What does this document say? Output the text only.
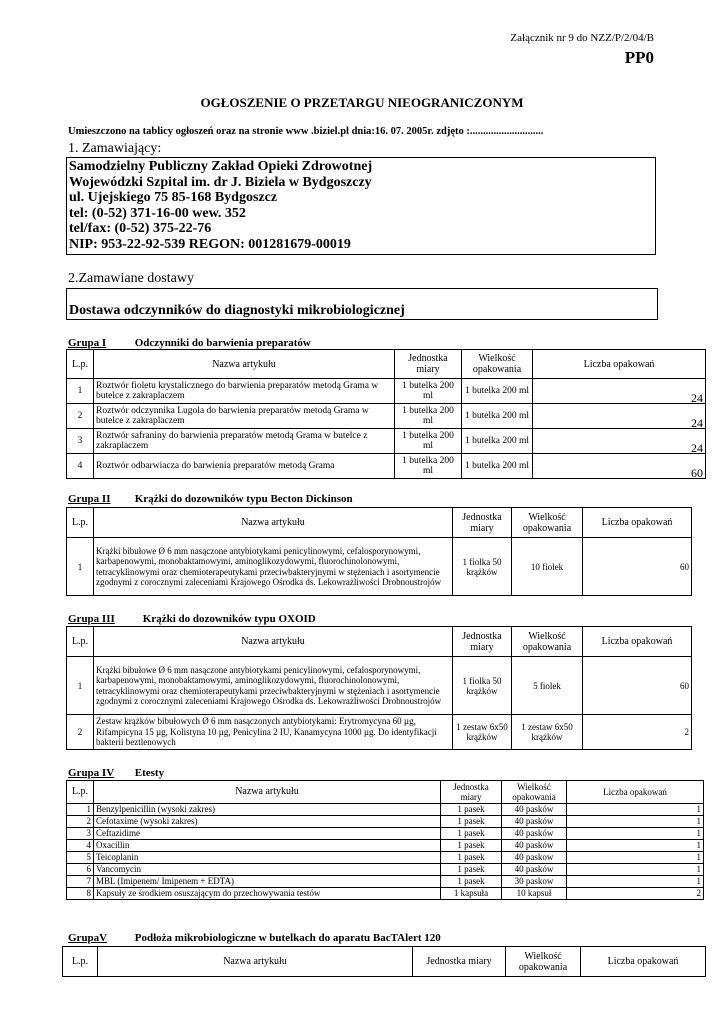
Załącznik nr 9 do NZZ/P/2/04/B
PP0
OGŁOSZENIE O PRZETARGU NIEOGRANICZONYM
Umieszczono na tablicy ogłoszeń oraz na stronie www .biziel.pl dnia:16. 07. 2005r. zdjęto :............................
1. Zamawiający:
Samodzielny Publiczny Zakład Opieki Zdrowotnej
Wojewódzki Szpital im. dr J. Biziela w Bydgoszczy
ul. Ujejskiego 75 85-168 Bydgoszcz
tel: (0-52) 371-16-00 wew. 352
tel/fax: (0-52) 375-22-76
NIP: 953-22-92-539 REGON: 001281679-00019
2.Zamawiane dostawy
Dostawa odczynników do diagnostyki mikrobiologicznej
Grupa I	Odczynniki do barwienia preparatów
L.p.	Nazwa artykułu	Jednostka miary	Wielkość opakowania	Liczba opakowań
1	Roztwór fioletu krystalicznego do barwienia preparatów metodą Grama w butelce z zakraplaczem	1 butelka 200 ml	1 butelka 200 ml	24
2	Roztwór odczynnika Lugola do barwienia preparatów metodą Grama w butelce z zakraplaczem	1 butelka 200 ml	1 butelka 200 ml	24
3	Roztwór safraniny do barwienia preparatów metodą Grama w butelce z zakraplaczem	1 butelka 200 ml	1 butelka 200 ml	24
4	Roztwór odbarwiacza do barwienia preparatów metodą Grama	1 butelka 200 ml	1 butelka 200 ml	60
Grupa II Krążki do dozowników typu Becton Dickinson
L.p.	Nazwa artykułu	Jednostka miary	Wielkość opakowania	Liczba opakowań
1	Krążki bibułowe Ø 6 mm nasączone antybiotykami penicylinowymi, cefalosporynowymi, karbapenowymi, monobaktamowymi, aminoglikozydowymi, fluorochinolonowymi, tetracyklinowymi oraz chemioterapeutykami przeciwbakteryjnymi w stężeniach i asortymencie zgodnymi z corocznymi zaleceniami Krajowego Ośrodka ds. Lekowrażliwości Drobnoustrojów	1 fiolka 50 krążków	10 fiolek	60
Grupa III	Krążki do dozowników typu OXOID
L.p.	Nazwa artykułu	Jednostka miary	Wielkość opakowania	Liczba opakowań
1	Krążki bibułowe Ø 6 mm nasączone antybiotykami penicylinowymi, cefalosporynowymi, karbapenowymi, monobaktamowymi, aminoglikozydowymi, fluorochinolonowymi, tetracyklinowymi oraz chemioterapeutykami przeciwbakteryjnymi w stężeniach i asortymencie zgodnymi z corocznymi zaleceniami Krajowego Ośrodka ds. Lekowrażliwości Drobnoustrojów	1 fiolka 50 krążków	5 fiolek	60
2	Zestaw krążków bibułowych Ø 6 mm nasączonych antybiotykami: Erytromycyna 60 µg, Rifampicyna 15 µg, Kolistyna 10 µg, Penicylina 2 IU, Kanamycyna 1000 µg. Do identyfikacji bakterii beztlenowych	1 zestaw 6x50 krążków	1 zestaw 6x50 krążków	2
Grupa IV Etesty
L.p.	Nazwa artykułu	Jednostka miary	Wielkość opakowania	Liczba opakowań
1	Benzylpenicillin (wysoki zakres)	1 pasek	40 pasków	1
2	Cefotaxime (wysoki zakres)	1 pasek	40 pasków	1
3	Ceftazidime	1 pasek	40 pasków	1
4	Oxacillin	1 pasek	40 pasków	1
5	Teicoplanin	1 pasek	40 paskow	1
6	Vancomycin	1 pasek	40 pasków	1
7	MBL (Imipenem/ Imipenem + EDTA)	1 pasek	30 paskow	1
8	Kapsuły ze środkiem osuszającym do przechowywania testów	1 kapsuła	10 kapsuł	2
GrupaV	Podłoża mikrobiologiczne w butelkach do aparatu BacTAlert 120
L.p.	Nazwa artykułu	Jednostka miary	Wielkość opakowania	Liczba opakowań
